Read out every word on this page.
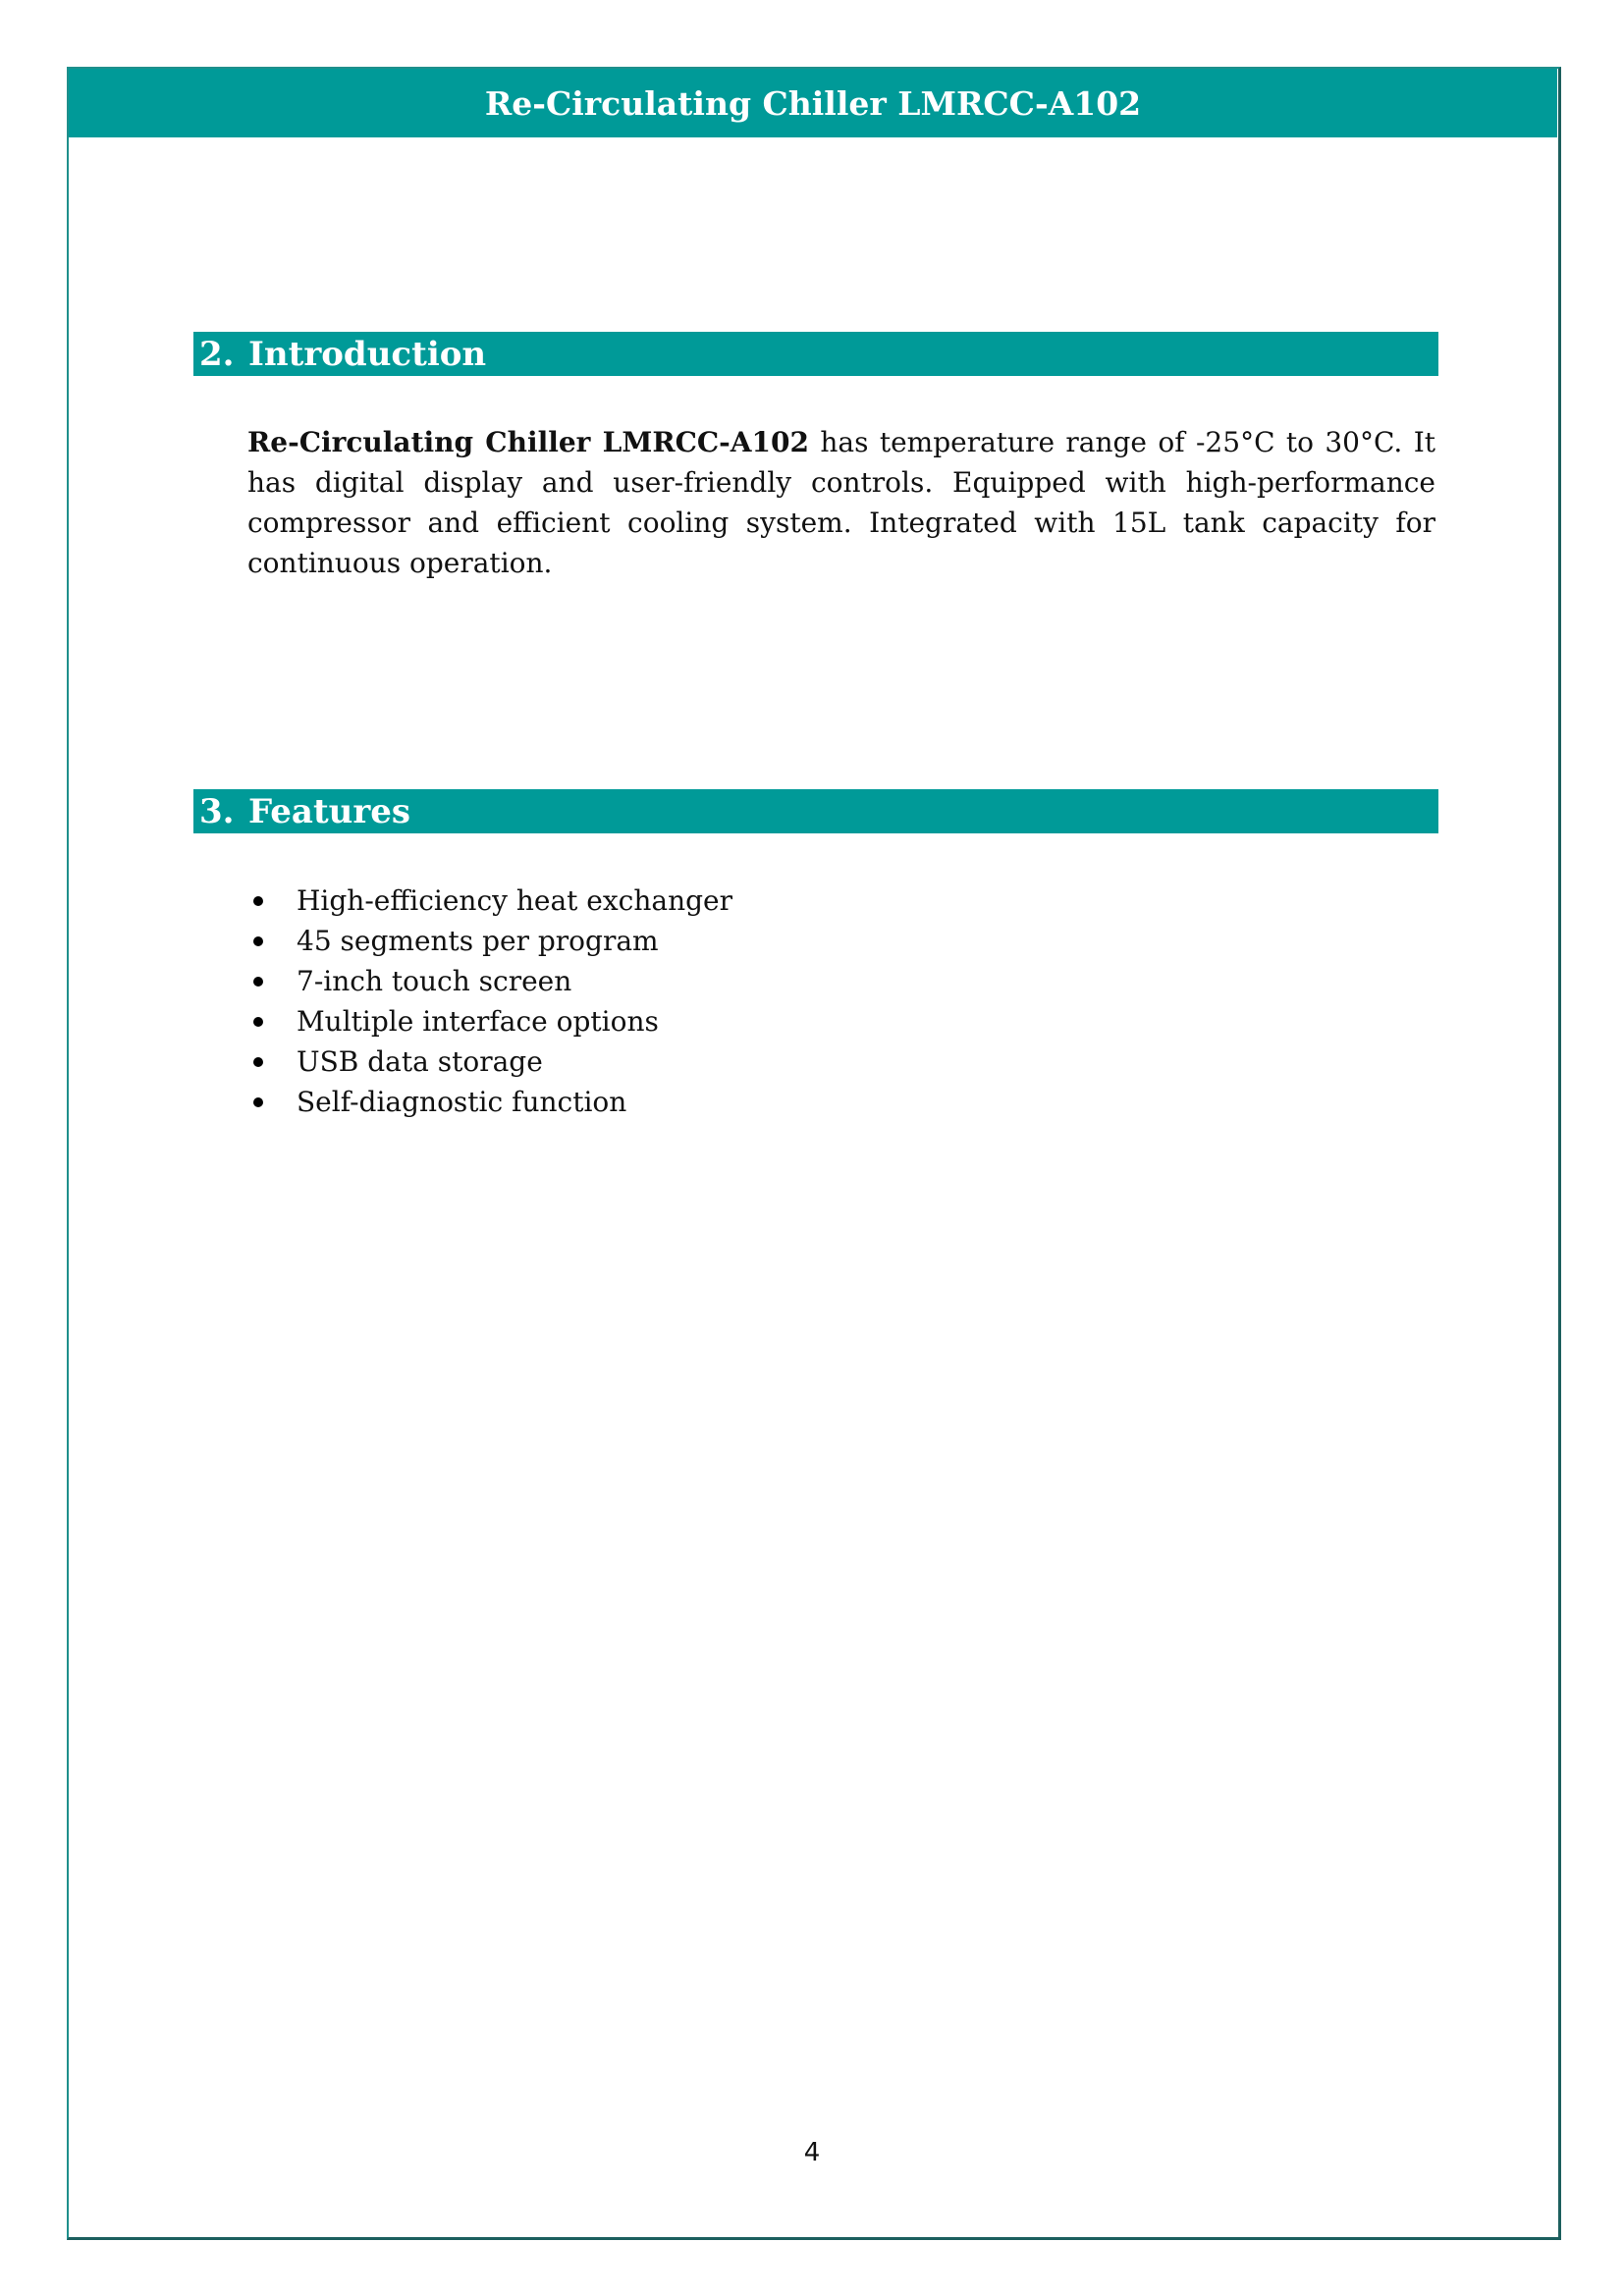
Re-Circulating Chiller LMRCC-A102
2. Introduction
Re-Circulating Chiller LMRCC-A102 has temperature range of -25°C to 30°C. It has digital display and user-friendly controls. Equipped with high-performance compressor and efficient cooling system. Integrated with 15L tank capacity for continuous operation.
3. Features
High-efficiency heat exchanger
45 segments per program
7-inch touch screen
Multiple interface options
USB data storage
Self-diagnostic function
4
